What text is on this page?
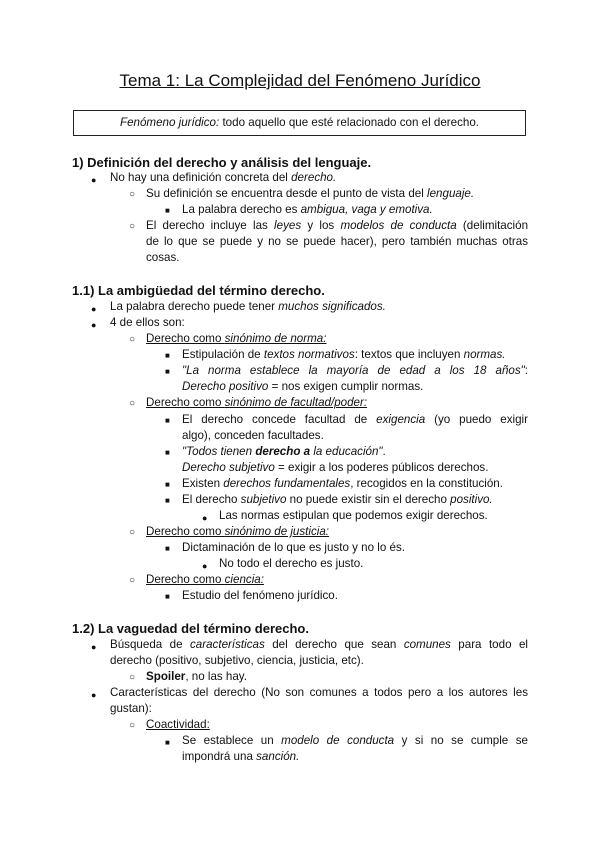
Tema 1: La Complejidad del Fenómeno Jurídico
Fenómeno jurídico: todo aquello que esté relacionado con el derecho.
1) Definición del derecho y análisis del lenguaje.
● No hay una definición concreta del derecho.
○ Su definición se encuentra desde el punto de vista del lenguaje.
■ La palabra derecho es ambigua, vaga y emotiva.
○ El derecho incluye las leyes y los modelos de conducta (delimitación
de lo que se puede y no se puede hacer), pero también muchas otras
cosas.
1.1) La ambigüedad del término derecho.
● La palabra derecho puede tener muchos significados.
● 4 de ellos son:
○ Derecho como sinónimo de norma:
■ Estipulación de textos normativos: textos que incluyen normas.
■ "La norma establece la mayoría de edad a los 18 años":
Derecho positivo = nos exigen cumplir normas.
○ Derecho como sinónimo de facultad/poder:
■ El derecho concede facultad de exigencia (yo puedo exigir
algo), conceden facultades.
■ "Todos tienen derecho a la educación".
Derecho subjetivo = exigir a los poderes públicos derechos.
■ Existen derechos fundamentales, recogidos en la constitución.
■ El derecho subjetivo no puede existir sin el derecho positivo.
● Las normas estipulan que podemos exigir derechos.
○ Derecho como sinónimo de justicia:
■ Dictaminación de lo que es justo y no lo és.
● No todo el derecho es justo.
○ Derecho como ciencia:
■ Estudio del fenómeno jurídico.
1.2) La vaguedad del término derecho.
● Búsqueda de características del derecho que sean comunes para todo el
derecho (positivo, subjetivo, ciencia, justicia, etc).
○ Spoiler, no las hay.
● Características del derecho (No son comunes a todos pero a los autores les
gustan):
○ Coactividad:
■ Se establece un modelo de conducta y si no se cumple se
impondrá una sanción.
